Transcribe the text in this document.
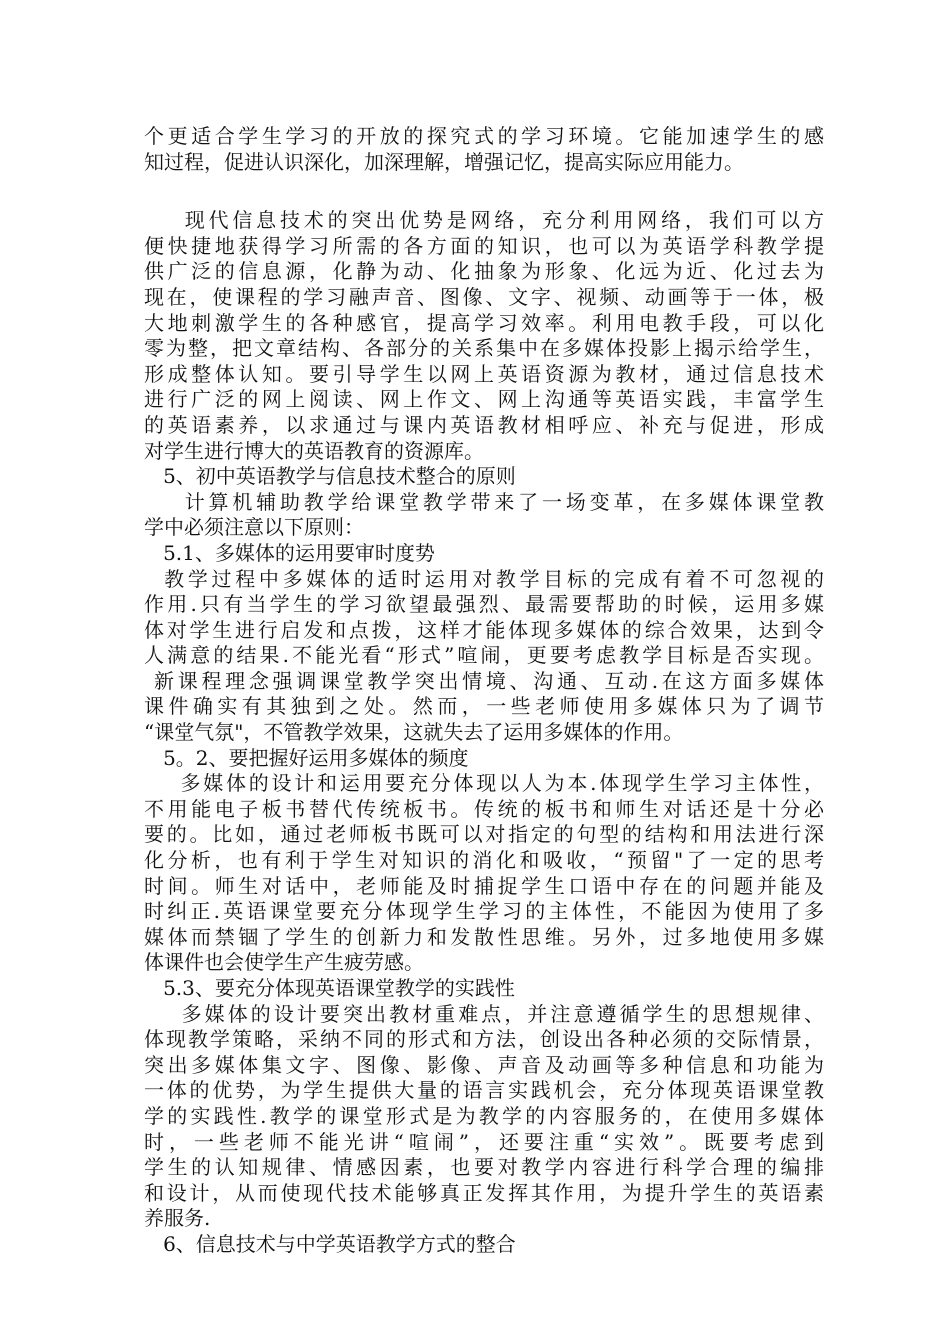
个更适合学生学习的开放的探究式的学习环境。它能加速学生的感
知过程，促进认识深化，加深理解，增强记忆，提高实际应用能力。
现代信息技术的突出优势是网络，充分利用网络，我们可以方
便快捷地获得学习所需的各方面的知识，也可以为英语学科教学提
供广泛的信息源，化静为动、化抽象为形象、化远为近、化过去为
现在，使课程的学习融声音、图像、文字、视频、动画等于一体，极
大地刺激学生的各种感官，提高学习效率。利用电教手段，可以化
零为整，把文章结构、各部分的关系集中在多媒体投影上揭示给学生，
形成整体认知。要引导学生以网上英语资源为教材，通过信息技术
进行广泛的网上阅读、网上作文、网上沟通等英语实践，丰富学生
的英语素养，以求通过与课内英语教材相呼应、补充与促进，形成
对学生进行博大的英语教育的资源库。
5、初中英语教学与信息技术整合的原则
计算机辅助教学给课堂教学带来了一场变革，在多媒体课堂教
学中必须注意以下原则：
5.1、多媒体的运用要审时度势
教学过程中多媒体的适时运用对教学目标的完成有着不可忽视的
作用.只有当学生的学习欲望最强烈、最需要帮助的时候，运用多媒
体对学生进行启发和点拨，这样才能体现多媒体的综合效果，达到令
人满意的结果.不能光看“形式”喧闹，更要考虑教学目标是否实现。
新课程理念强调课堂教学突出情境、沟通、互动.在这方面多媒体
课件确实有其独到之处。然而，一些老师使用多媒体只为了调节
“课堂气氛"，不管教学效果，这就失去了运用多媒体的作用。
5。2、要把握好运用多媒体的频度
多媒体的设计和运用要充分体现以人为本.体现学生学习主体性，
不用能电子板书替代传统板书。传统的板书和师生对话还是十分必
要的。比如，通过老师板书既可以对指定的句型的结构和用法进行深
化分析，也有利于学生对知识的消化和吸收，“预留"了一定的思考
时间。师生对话中，老师能及时捕捉学生口语中存在的问题并能及
时纠正.英语课堂要充分体现学生学习的主体性，不能因为使用了多
媒体而禁锢了学生的创新力和发散性思维。另外，过多地使用多媒
体课件也会使学生产生疲劳感。
5.3、要充分体现英语课堂教学的实践性
多媒体的设计要突出教材重难点，并注意遵循学生的思想规律、
体现教学策略，采纳不同的形式和方法，创设出各种必须的交际情景，
突出多媒体集文字、图像、影像、声音及动画等多种信息和功能为
一体的优势，为学生提供大量的语言实践机会，充分体现英语课堂教
学的实践性.教学的课堂形式是为教学的内容服务的，在使用多媒体
时，一些老师不能光讲“喧闹”，还要注重“实效”。既要考虑到
学生的认知规律、情感因素，也要对教学内容进行科学合理的编排
和设计，从而使现代技术能够真正发挥其作用，为提升学生的英语素
养服务.
6、信息技术与中学英语教学方式的整合
